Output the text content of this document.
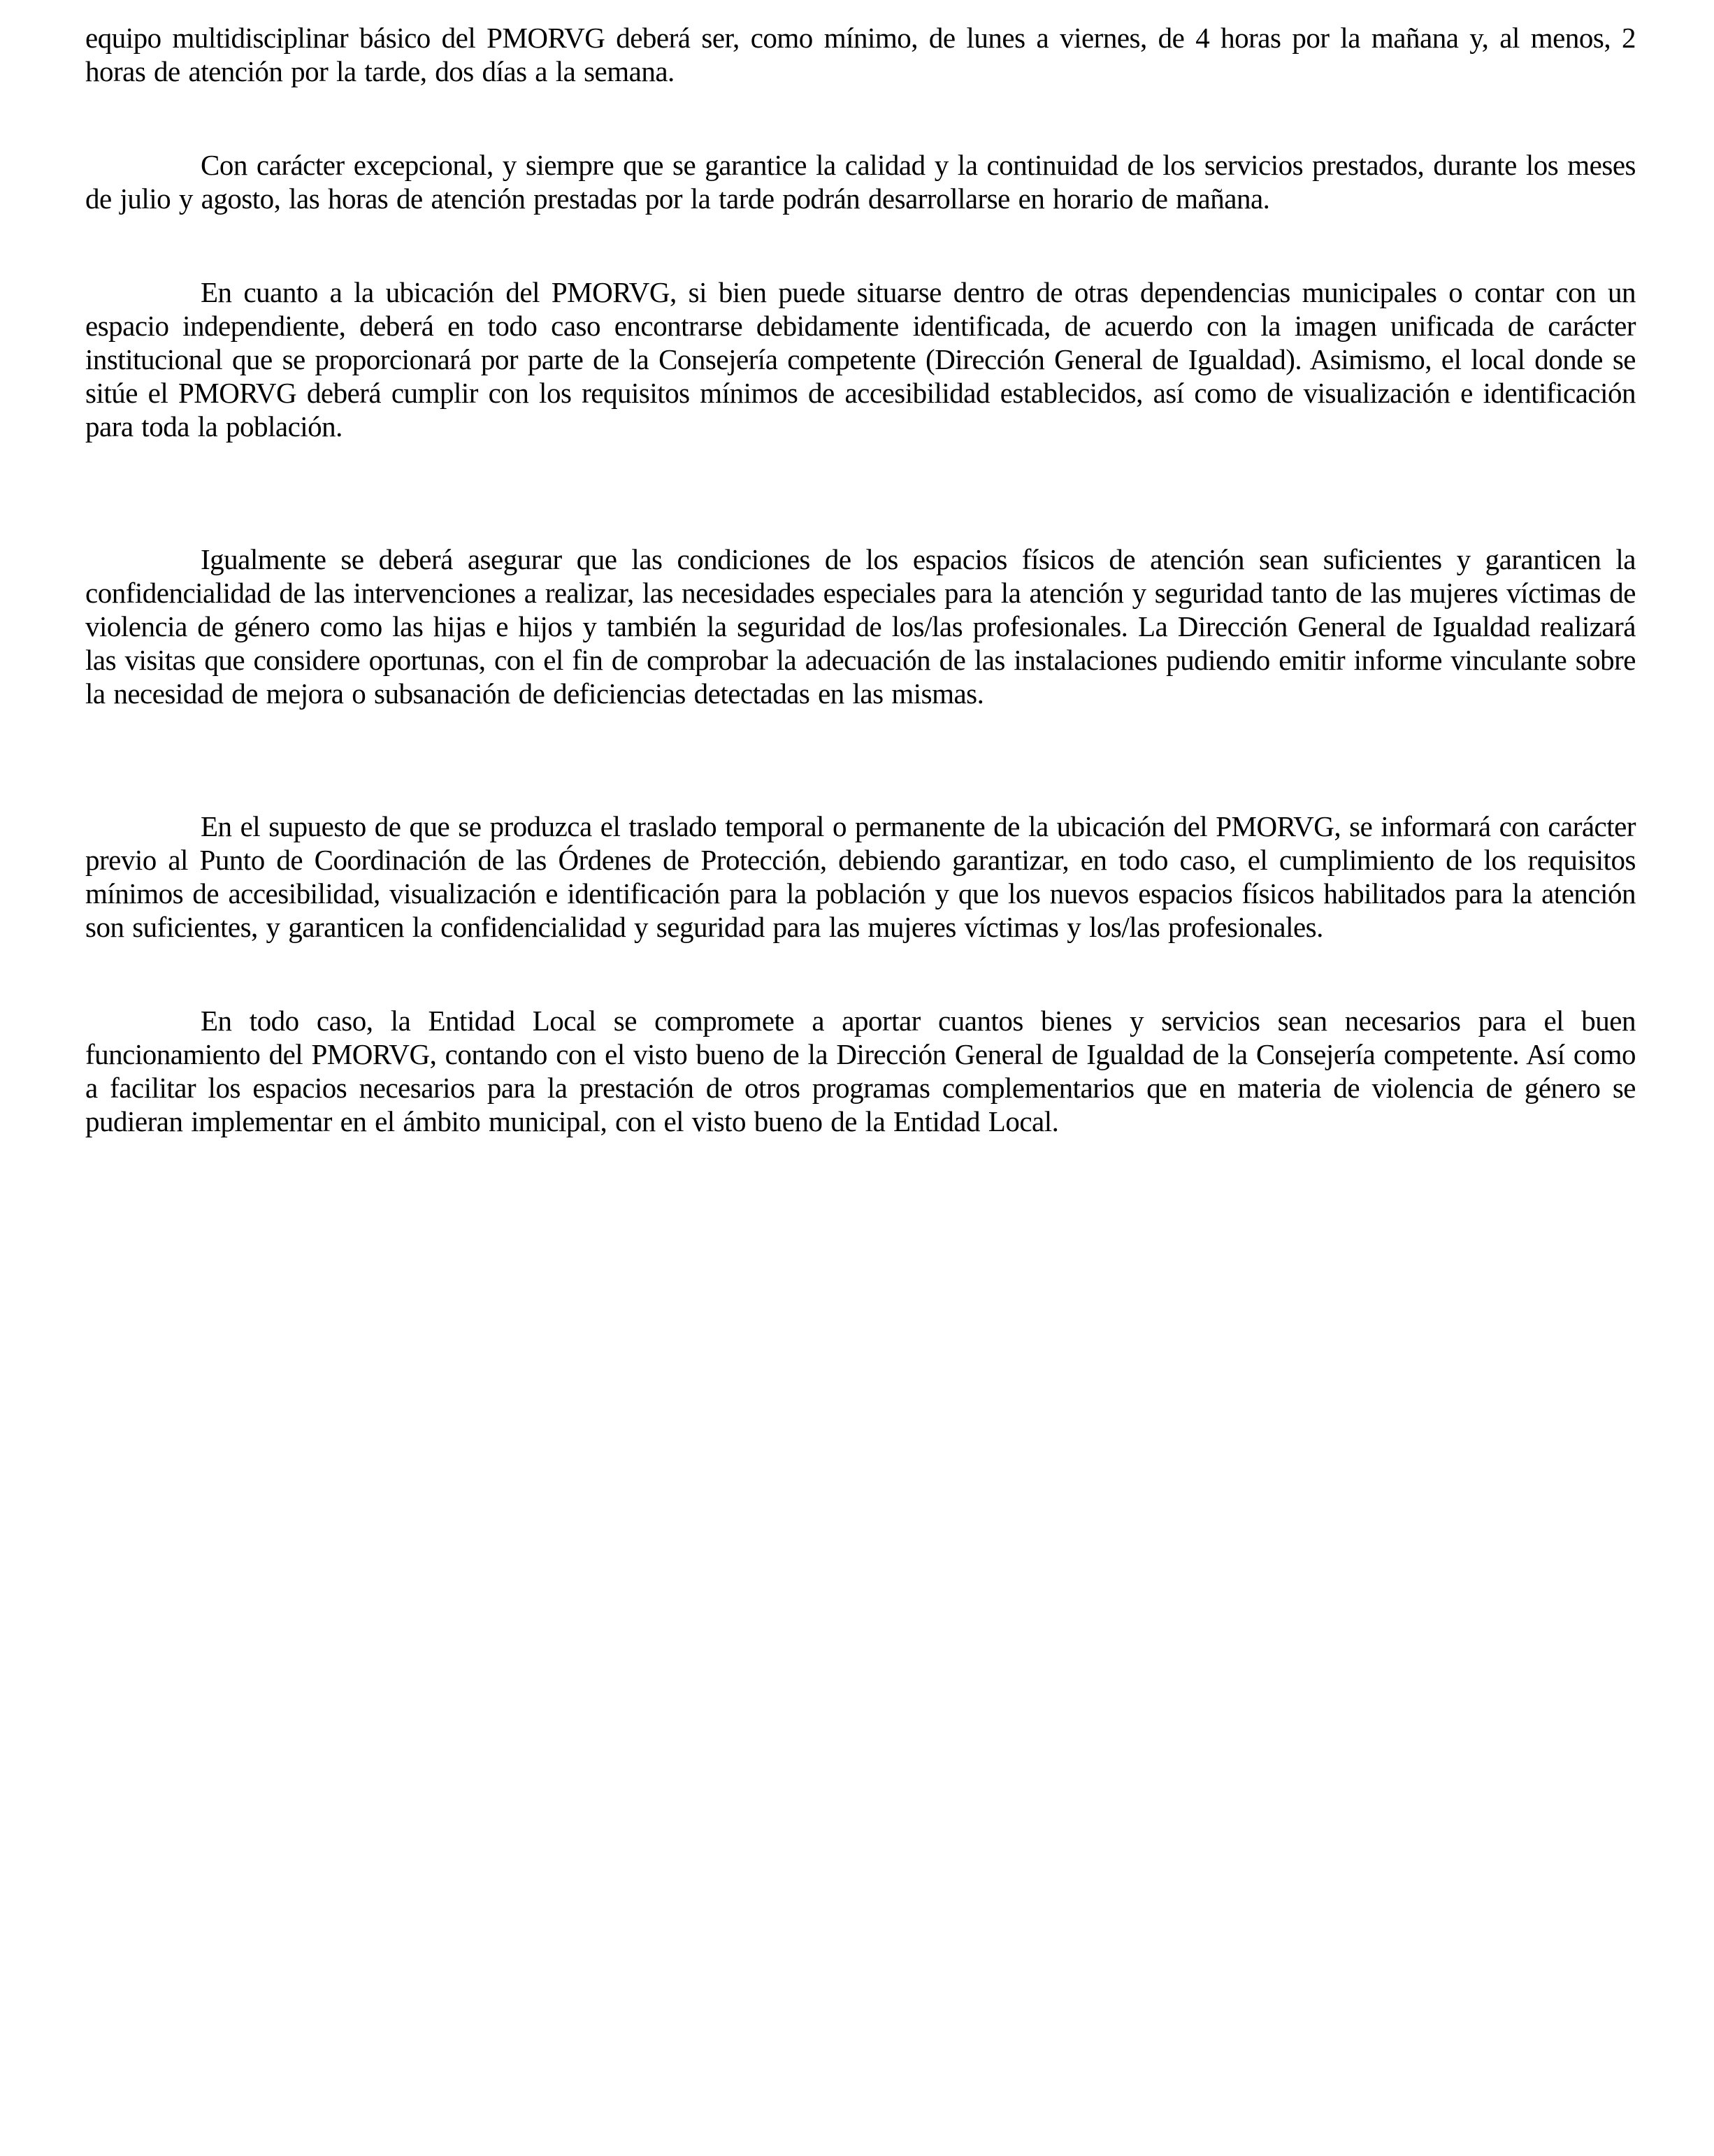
equipo multidisciplinar básico del PMORVG deberá ser, como mínimo, de lunes a viernes, de 4 horas por la mañana y, al menos, 2 horas de atención por la tarde, dos días a la semana.

Con carácter excepcional, y siempre que se garantice la calidad y la continuidad de los servicios prestados, durante los meses de julio y agosto, las horas de atención prestadas por la tarde podrán desarrollarse en horario de mañana.

En cuanto a la ubicación del PMORVG, si bien puede situarse dentro de otras dependencias municipales o contar con un espacio independiente, deberá en todo caso encontrarse debidamente identificada, de acuerdo con la imagen unificada de carácter institucional que se proporcionará por parte de la Consejería competente (Dirección General de Igualdad). Asimismo, el local donde se sitúe el PMORVG deberá cumplir con los requisitos mínimos de accesibilidad establecidos, así como de visualización e identificación para toda la población.

Igualmente se deberá asegurar que las condiciones de los espacios físicos de atención sean suficientes y garanticen la confidencialidad de las intervenciones a realizar, las necesidades especiales para la atención y seguridad tanto de las mujeres víctimas de violencia de género como las hijas e hijos y también la seguridad de los/las profesionales. La Dirección General de Igualdad realizará las visitas que considere oportunas, con el fin de comprobar la adecuación de las instalaciones pudiendo emitir informe vinculante sobre la necesidad de mejora o subsanación de deficiencias detectadas en las mismas.

En el supuesto de que se produzca el traslado temporal o permanente de la ubicación del PMORVG, se informará con carácter previo al Punto de Coordinación de las Órdenes de Protección, debiendo garantizar, en todo caso, el cumplimiento de los requisitos mínimos de accesibilidad, visualización e identificación para la población y que los nuevos espacios físicos habilitados para la atención son suficientes, y garanticen la confidencialidad y seguridad para las mujeres víctimas y los/las profesionales.

En todo caso, la Entidad Local se compromete a aportar cuantos bienes y servicios sean necesarios para el buen funcionamiento del PMORVG, contando con el visto bueno de la Dirección General de Igualdad de la Consejería competente. Así como a facilitar los espacios necesarios para la prestación de otros programas complementarios que en materia de violencia de género se pudieran implementar en el ámbito municipal, con el visto bueno de la Entidad Local.
